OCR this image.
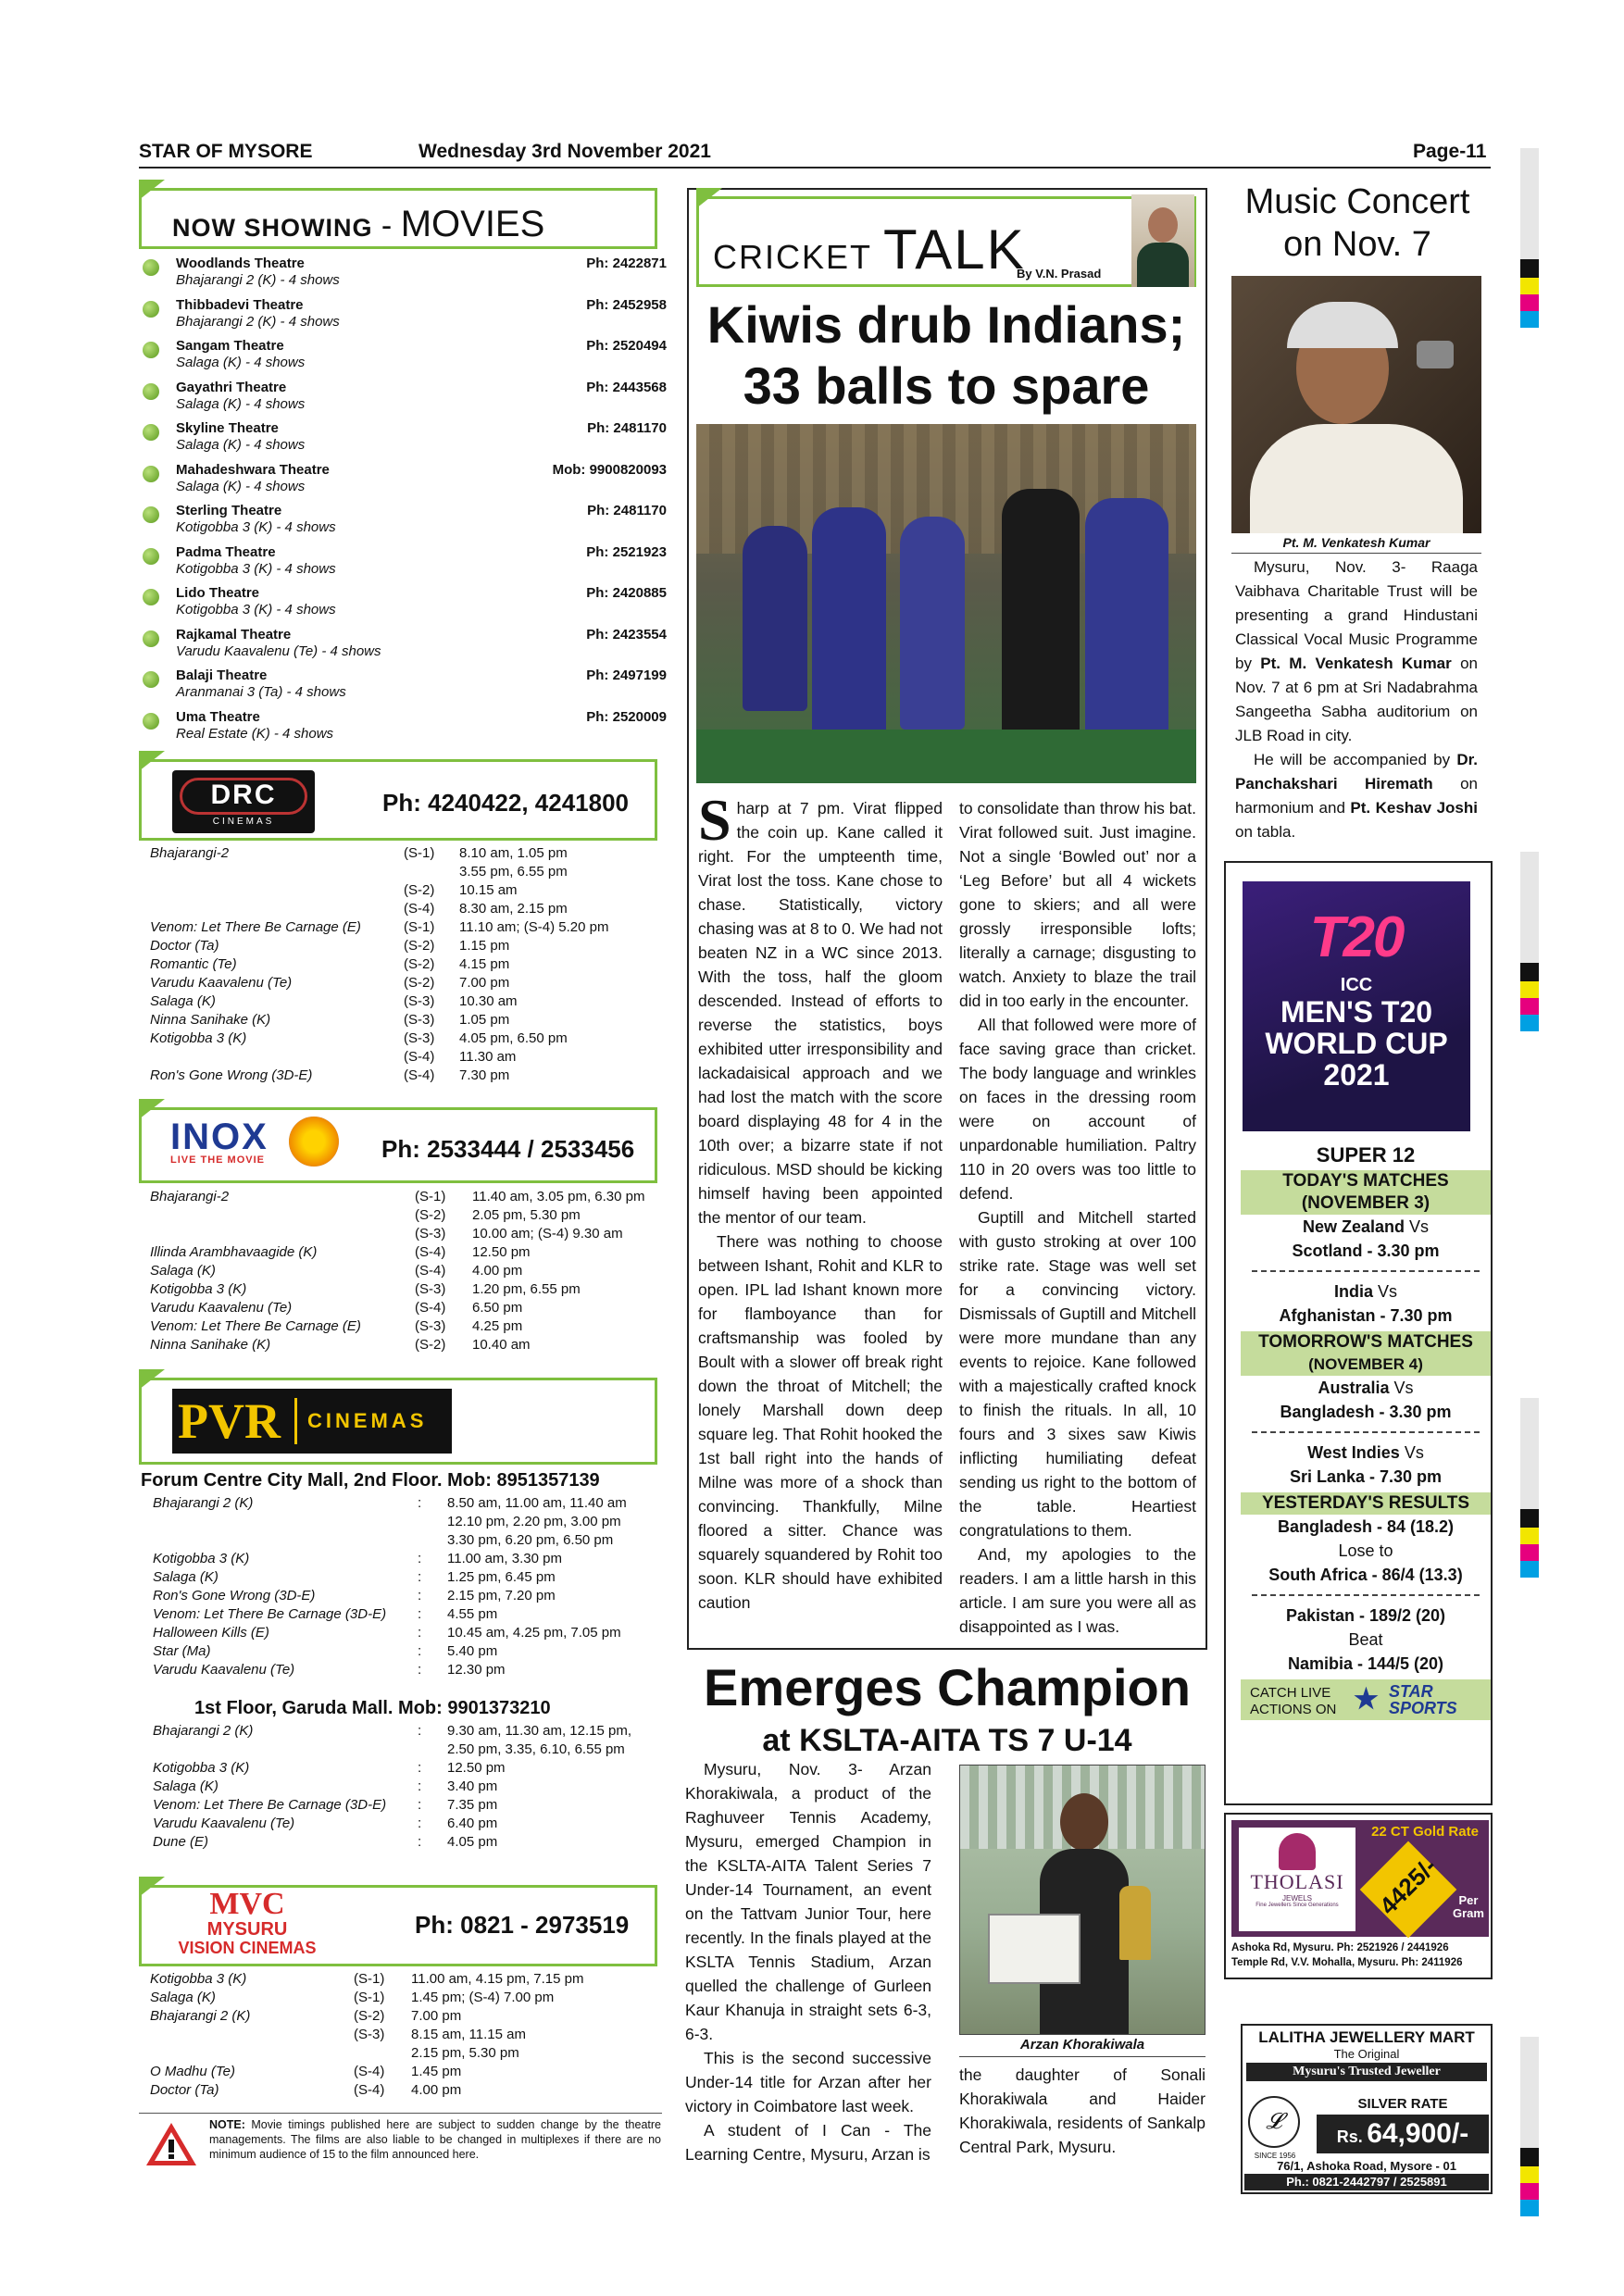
STAR OF MYSORE	Wednesday 3rd November 2021	Page-11
NOW SHOWING - MOVIES
Woodlands Theatre	Ph: 2422871
Bhajarangi 2 (K) - 4 shows
Thibbadevi Theatre	Ph: 2452958
Bhajarangi 2 (K) - 4 shows
Sangam Theatre	Ph: 2520494
Salaga (K) - 4 shows
Gayathri Theatre	Ph: 2443568
Salaga (K) - 4 shows
Skyline Theatre	Ph: 2481170
Salaga (K) - 4 shows
Mahadeshwara Theatre	Mob: 9900820093
Salaga (K) - 4 shows
Sterling Theatre	Ph: 2481170
Kotigobba 3 (K) - 4 shows
Padma Theatre	Ph: 2521923
Kotigobba 3 (K) - 4 shows
Lido Theatre	Ph: 2420885
Kotigobba 3 (K) - 4 shows
Rajkamal Theatre	Ph: 2423554
Varudu Kaavalenu (Te) - 4 shows
Balaji Theatre	Ph: 2497199
Aranmanai 3 (Ta) - 4 shows
Uma Theatre	Ph: 2520009
Real Estate (K) - 4 shows
DRC
CINEMAS
Ph: 4240422, 4241800
Bhajarangi-2	(S-1) 8.10 am, 1.05 pm
3.55 pm, 6.55 pm
(S-2) 10.15 am
(S-4) 8.30 am, 2.15 pm
Venom: Let There Be Carnage (E)	(S-1) 11.10 am; (S-4) 5.20 pm
Doctor (Ta)	(S-2) 1.15 pm
Romantic (Te)	(S-2) 4.15 pm
Varudu Kaavalenu (Te)	(S-2) 7.00 pm
Salaga (K)	(S-3) 10.30 am
Ninna Sanihake (K)	(S-3) 1.05 pm
Kotigobba 3 (K)	(S-3) 4.05 pm, 6.50 pm
(S-4) 11.30 am
Ron's Gone Wrong (3D-E)	(S-4) 7.30 pm
INOX
LIVE THE MOVIE	Ph: 2533444 / 2533456
Bhajarangi-2	(S-1) 11.40 am, 3.05 pm, 6.30 pm
(S-2) 2.05 pm, 5.30 pm
(S-3) 10.00 am; (S-4) 9.30 am
Illinda Arambhavaagide (K)	(S-4) 12.50 pm
Salaga (K)	(S-4) 4.00 pm
Kotigobba 3 (K)	(S-3) 1.20 pm, 6.55 pm
Varudu Kaavalenu (Te)	(S-4) 6.50 pm
Venom: Let There Be Carnage (E)	(S-3) 4.25 pm
Ninna Sanihake (K)	(S-2) 10.40 am
PVR CINEMAS
Forum Centre City Mall, 2nd Floor. Mob: 8951357139
Bhajarangi 2 (K)	: 8.50 am, 11.00 am, 11.40 am
12.10 pm, 2.20 pm, 3.00 pm
3.30 pm, 6.20 pm, 6.50 pm
Kotigobba 3 (K)	: 11.00 am, 3.30 pm
Salaga (K)	: 1.25 pm, 6.45 pm
Ron's Gone Wrong (3D-E)	: 2.15 pm, 7.20 pm
Venom: Let There Be Carnage (3D-E) : 4.55 pm
Halloween Kills (E)	: 10.45 am, 4.25 pm, 7.05 pm
Star (Ma)	: 5.40 pm
Varudu Kaavalenu (Te)	: 12.30 pm
1st Floor, Garuda Mall. Mob: 9901373210
Bhajarangi 2 (K)	: 9.30 am, 11.30 am, 12.15 pm,
2.50 pm, 3.35, 6.10, 6.55 pm
Kotigobba 3 (K)	: 12.50 pm
Salaga (K)	: 3.40 pm
Venom: Let There Be Carnage (3D-E) : 7.35 pm
Varudu Kaavalenu (Te)	: 6.40 pm
Dune (E)	: 4.05 pm
MVC
MYSURU
VISION CINEMAS
Ph: 0821 - 2973519
Kotigobba 3 (K)	(S-1) 11.00 am, 4.15 pm, 7.15 pm
Salaga (K)	(S-1) 1.45 pm; (S-4) 7.00 pm
Bhajarangi 2 (K)	(S-2) 7.00 pm
(S-3) 8.15 am, 11.15 am
2.15 pm, 5.30 pm
O Madhu (Te)	(S-4) 1.45 pm
Doctor (Ta)	(S-4) 4.00 pm
NOTE: Movie timings published here are subject to sudden change by the theatre managements. The films are also liable to be changed in multiplexes if there are no minimum audience of 15 to the film announced here.
CRICKET TALK
By V.N. Prasad
Kiwis drub Indians;
33 balls to spare

Sharp at 7 pm. Virat flipped the coin up. Kane called it right. For the umpteenth time, Virat lost the toss. Kane chose to chase. Statistically, victory chasing was at 8 to 0. We had not beaten NZ in a WC since 2013. With the toss, half the gloom descended. Instead of efforts to reverse the statistics, boys exhibited utter irresponsibility and lackadaisical approach and we had lost the match with the score board displaying 48 for 4 in the 10th over; a bizarre state if not ridiculous. MSD should be kicking himself having been appointed the mentor of our team.

There was nothing to choose between Ishant, Rohit and KLR to open. IPL lad Ishant known more for flamboyance than for craftsmanship was fooled by Boult with a slower off break right down the throat of Mitchell; the lonely Marshall down deep square leg. That Rohit hooked the 1st ball right into the hands of Milne was more of a shock than convincing. Thankfully, Milne floored a sitter. Chance was squarely squandered by Rohit too soon. KLR should have exhibited caution

to consolidate than throw his bat. Virat followed suit. Just imagine. Not a single ‘Bowled out’ nor a ‘Leg Before’ but all 4 wickets gone to skiers; and all were grossly irresponsible lofts; literally a carnage; disgusting to watch. Anxiety to blaze the trail did in too early in the encounter.

All that followed were more of face saving grace than cricket. The body language and wrinkles on faces in the dressing room were on account of unpardonable humiliation. Paltry 110 in 20 overs was too little to defend.

Guptill and Mitchell started with gusto stroking at over 100 strike rate. Stage was well set for a convincing victory. Dismissals of Guptill and Mitchell were more mundane than any events to rejoice. Kane followed with a majestically crafted knock to finish the rituals. In all, 10 fours and 3 sixes saw Kiwis inflicting humiliating defeat sending us right to the bottom of the table. Heartiest congratulations to them.

And, my apologies to the readers. I am a little harsh in this article. I am sure you were all as disappointed as I was.

Emerges Champion
at KSLTA-AITA TS 7 U-14

Mysuru, Nov. 3- Arzan Khorakiwala, a product of the Raghuveer Tennis Academy, Mysuru, emerged Champion in the KSLTA-AITA Talent Series 7 Under-14 Tournament, an event on the Tattvam Junior Tour, here recently. In the finals played at the KSLTA Tennis Stadium, Arzan quelled the challenge of Gurleen Kaur Khanuja in straight sets 6-3, 6-3.

This is the second successive Under-14 title for Arzan after her victory in Coimbatore last week.

A student of I Can - The Learning Centre, Mysuru, Arzan is

Arzan Khorakiwala

the daughter of Sonali Khorakiwala and Haider Khorakiwala, residents of Sankalp Central Park, Mysuru.

Music Concert
on Nov. 7
Pt. M. Venkatesh Kumar

Mysuru, Nov. 3- Raaga Vaibhava Charitable Trust will be presenting a grand Hindustani Classical Vocal Music Programme by Pt. M. Venkatesh Kumar on Nov. 7 at 6 pm at Sri Nadabrahma Sangeetha Sabha auditorium on JLB Road in city.

He will be accompanied by Dr. Panchakshari Hiremath on harmonium and Pt. Keshav Joshi on tabla.

T20
ICC
MEN'S T20
WORLD CUP
2021
SUPER 12
TODAY'S MATCHES
(NOVEMBER 3)
New Zealand Vs
Scotland - 3.30 pm
India Vs
Afghanistan - 7.30 pm
TOMORROW'S MATCHES
(NOVEMBER 4)
Australia Vs
Bangladesh - 3.30 pm
West Indies Vs
Sri Lanka - 7.30 pm
YESTERDAY'S RESULTS
Bangladesh - 84 (18.2)
Lose to
South Africa - 86/4 (13.3)
Pakistan - 189/2 (20)
Beat
Namibia - 144/5 (20)
CATCH LIVE
ACTIONS ON ★ STAR
SPORTS
THOLASI
JEWELS
Fine Jewellers Since Generations
22 CT Gold Rate
4425/-	Per Gram
Ashoka Rd, Mysuru. Ph: 2521926 / 2441926
Temple Rd, V.V. Mohalla, Mysuru. Ph: 2411926
LALITHA JEWELLERY MART
The Original
Mysuru's Trusted Jeweller
𝓛
SINCE 1956
SILVER RATE
Rs. 64,900/-
76/1, Ashoka Road, Mysore - 01
Ph.: 0821-2442797 / 2525891
